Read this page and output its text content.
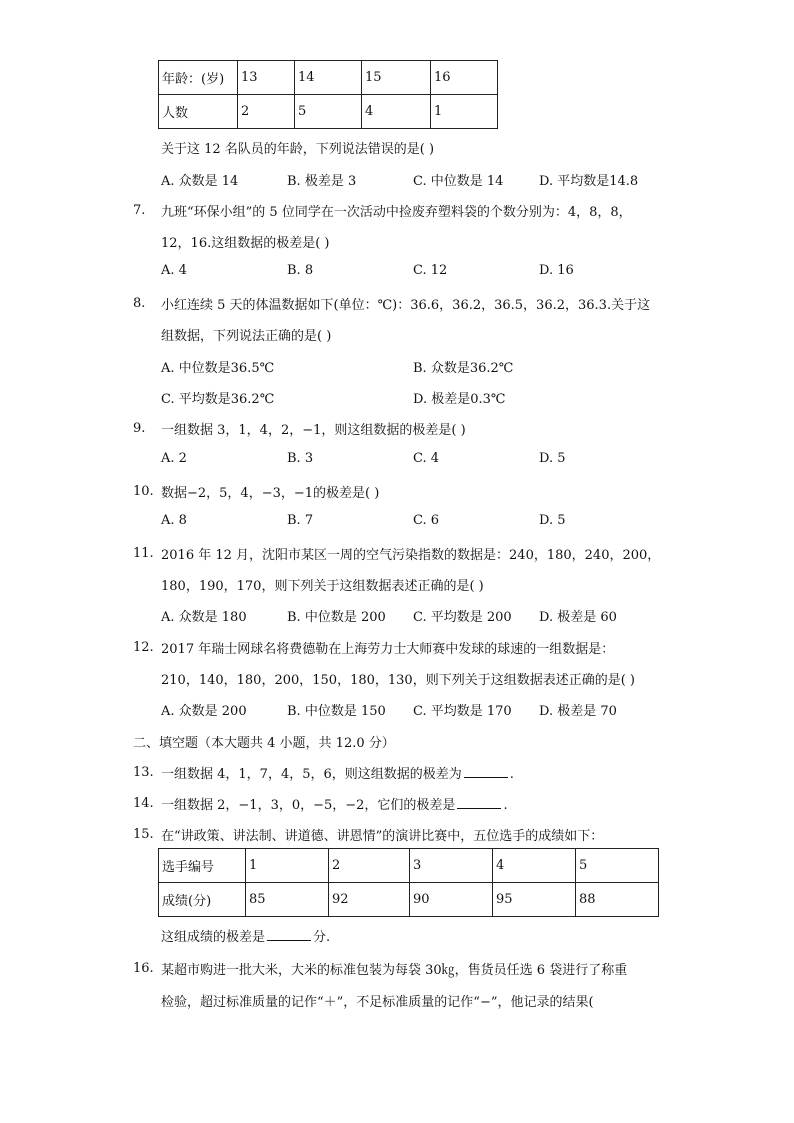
年龄：(岁)	13	14	15	16
人数	2	5	4	1
关于这 12 名队员的年龄，下列说法错误的是( )
A. 众数是 14	B. 极差是 3	C. 中位数是 14	D. 平均数是14.8
7. 九班“环保小组”的 5 位同学在一次活动中捡废弃塑料袋的个数分别为：4，8，8，
12，16.这组数据的极差是( )
A. 4	B. 8	C. 12	D. 16
8. 小红连续 5 天的体温数据如下(单位：℃)：36.6，36.2，36.5，36.2，36.3.关于这
组数据，下列说法正确的是( )
A. 中位数是36.5℃	B. 众数是36.2℃
C. 平均数是36.2℃	D. 极差是0.3℃
9. 一组数据 3，1，4，2，−1，则这组数据的极差是( )
A. 2	B. 3	C. 4	D. 5
10. 数据−2，5，4，−3，−1的极差是( )
A. 8	B. 7	C. 6	D. 5
11. 2016 年 12 月，沈阳市某区一周的空气污染指数的数据是：240，180，240，200，
180，190，170，则下列关于这组数据表述正确的是( )
A. 众数是 180	B. 中位数是 200 C. 平均数是 200 D. 极差是 60
12. 2017 年瑞士网球名将费德勒在上海劳力士大师赛中发球的球速的一组数据是：
210，140，180，200，150，180，130，则下列关于这组数据表述正确的是( )
A. 众数是 200	B. 中位数是 150 C. 平均数是 170 D. 极差是 70
二、填空题（本大题共 4 小题，共 12.0 分）
13. 一组数据 4，1，7，4，5，6，则这组数据的极差为	.
14. 一组数据 2，−1，3，0，−5，−2，它们的极差是	.
15. 在“讲政策、讲法制、讲道德、讲恩情”的演讲比赛中，五位选手的成绩如下：
选手编号	1	2	3	4	5
成绩(分)	85	92	90	95	88
这组成绩的极差是	分.
16. 某超市购进一批大米，大米的标准包装为每袋 30㎏，售货员任选 6 袋进行了称重
检验，超过标准质量的记作“＋”，不足标准质量的记作“−”，他记录的结果(
